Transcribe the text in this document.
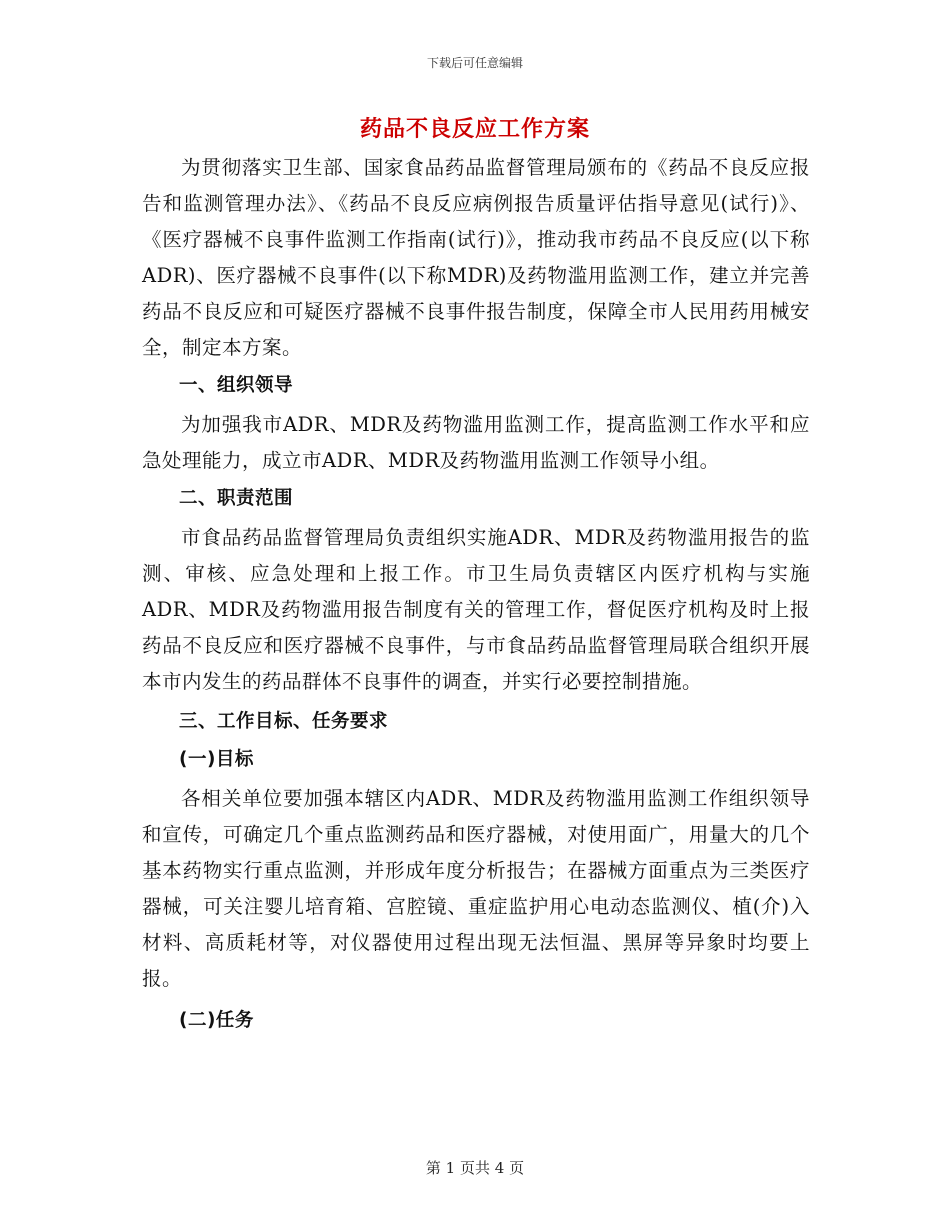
下载后可任意编辑
药品不良反应工作方案

为贯彻落实卫生部、国家食品药品监督管理局颁布的《药品不良反应报告和监测管理办法》、《药品不良反应病例报告质量评估指导意见(试行)》、《医疗器械不良事件监测工作指南(试行)》，推动我市药品不良反应(以下称ADR)、医疗器械不良事件(以下称MDR)及药物滥用监测工作，建立并完善药品不良反应和可疑医疗器械不良事件报告制度，保障全市人民用药用械安全，制定本方案。

一、组织领导

为加强我市ADR、MDR及药物滥用监测工作，提高监测工作水平和应急处理能力，成立市ADR、MDR及药物滥用监测工作领导小组。

二、职责范围

市食品药品监督管理局负责组织实施ADR、MDR及药物滥用报告的监测、审核、应急处理和上报工作。市卫生局负责辖区内医疗机构与实施ADR、MDR及药物滥用报告制度有关的管理工作，督促医疗机构及时上报药品不良反应和医疗器械不良事件，与市食品药品监督管理局联合组织开展本市内发生的药品群体不良事件的调查，并实行必要控制措施。

三、工作目标、任务要求

(一)目标

各相关单位要加强本辖区内ADR、MDR及药物滥用监测工作组织领导和宣传，可确定几个重点监测药品和医疗器械，对使用面广，用量大的几个基本药物实行重点监测，并形成年度分析报告；在器械方面重点为三类医疗器械，可关注婴儿培育箱、宫腔镜、重症监护用心电动态监测仪、植(介)入材料、高质耗材等，对仪器使用过程出现无法恒温、黑屏等异象时均要上报。

(二)任务

第 1 页共 4 页
